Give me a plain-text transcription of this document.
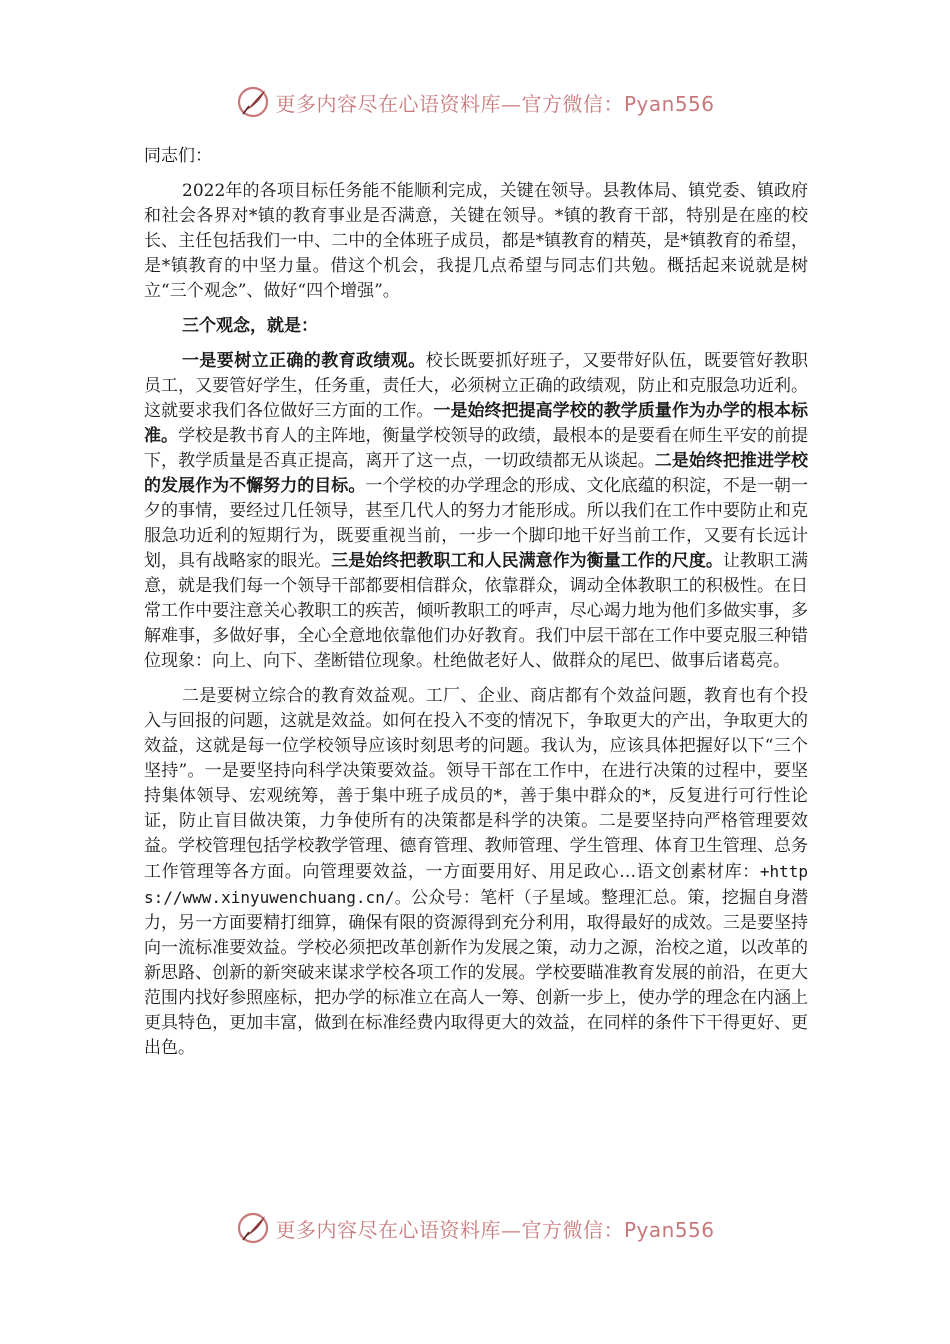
更多内容尽在心语资料库—官方微信：Pyan556

同志们：

2022年的各项目标任务能不能顺利完成，关键在领导。县教体局、镇党委、镇政府和社会各界对*镇的教育事业是否满意，关键在领导。*镇的教育干部，特别是在座的校长、主任包括我们一中、二中的全体班子成员，都是*镇教育的精英，是*镇教育的希望，是*镇教育的中坚力量。借这个机会，我提几点希望与同志们共勉。概括起来说就是树立“三个观念”、做好“四个增强”。

三个观念，就是：

一是要树立正确的教育政绩观。校长既要抓好班子，又要带好队伍，既要管好教职员工，又要管好学生，任务重，责任大，必须树立正确的政绩观，防止和克服急功近利。这就要求我们各位做好三方面的工作。一是始终把提高学校的教学质量作为办学的根本标准。学校是教书育人的主阵地，衡量学校领导的政绩，最根本的是要看在师生平安的前提下，教学质量是否真正提高，离开了这一点，一切政绩都无从谈起。二是始终把推进学校的发展作为不懈努力的目标。一个学校的办学理念的形成、文化底蕴的积淀，不是一朝一夕的事情，要经过几任领导，甚至几代人的努力才能形成。所以我们在工作中要防止和克服急功近利的短期行为，既要重视当前，一步一个脚印地干好当前工作，又要有长远计划，具有战略家的眼光。三是始终把教职工和人民满意作为衡量工作的尺度。让教职工满意，就是我们每一个领导干部都要相信群众，依靠群众，调动全体教职工的积极性。在日常工作中要注意关心教职工的疾苦，倾听教职工的呼声，尽心竭力地为他们多做实事，多解难事，多做好事，全心全意地依靠他们办好教育。我们中层干部在工作中要克服三种错位现象：向上、向下、垄断错位现象。杜绝做老好人、做群众的尾巴、做事后诸葛亮。

二是要树立综合的教育效益观。工厂、企业、商店都有个效益问题，教育也有个投入与回报的问题，这就是效益。如何在投入不变的情况下，争取更大的产出，争取更大的效益，这就是每一位学校领导应该时刻思考的问题。我认为，应该具体把握好以下“三个坚持”。一是要坚持向科学决策要效益。领导干部在工作中，在进行决策的过程中，要坚持集体领导、宏观统筹，善于集中班子成员的*，善于集中群众的*，反复进行可行性论证，防止盲目做决策，力争使所有的决策都是科学的决策。二是要坚持向严格管理要效益。学校管理包括学校教学管理、德育管理、教师管理、学生管理、体育卫生管理、总务工作管理等各方面。向管理要效益，一方面要用好、用足政心…语文创素材库：+https://www.xinyuwenchuang.cn/。公众号：笔杆（子星域。整理汇总。策，挖掘自身潜力，另一方面要精打细算，确保有限的资源得到充分利用，取得最好的成效。三是要坚持向一流标准要效益。学校必须把改革创新作为发展之策，动力之源，治校之道，以改革的新思路、创新的新突破来谋求学校各项工作的发展。学校要瞄准教育发展的前沿，在更大范围内找好参照座标，把办学的标准立在高人一筹、创新一步上，使办学的理念在内涵上更具特色，更加丰富，做到在标准经费内取得更大的效益，在同样的条件下干得更好、更出色。

更多内容尽在心语资料库—官方微信：Pyan556
